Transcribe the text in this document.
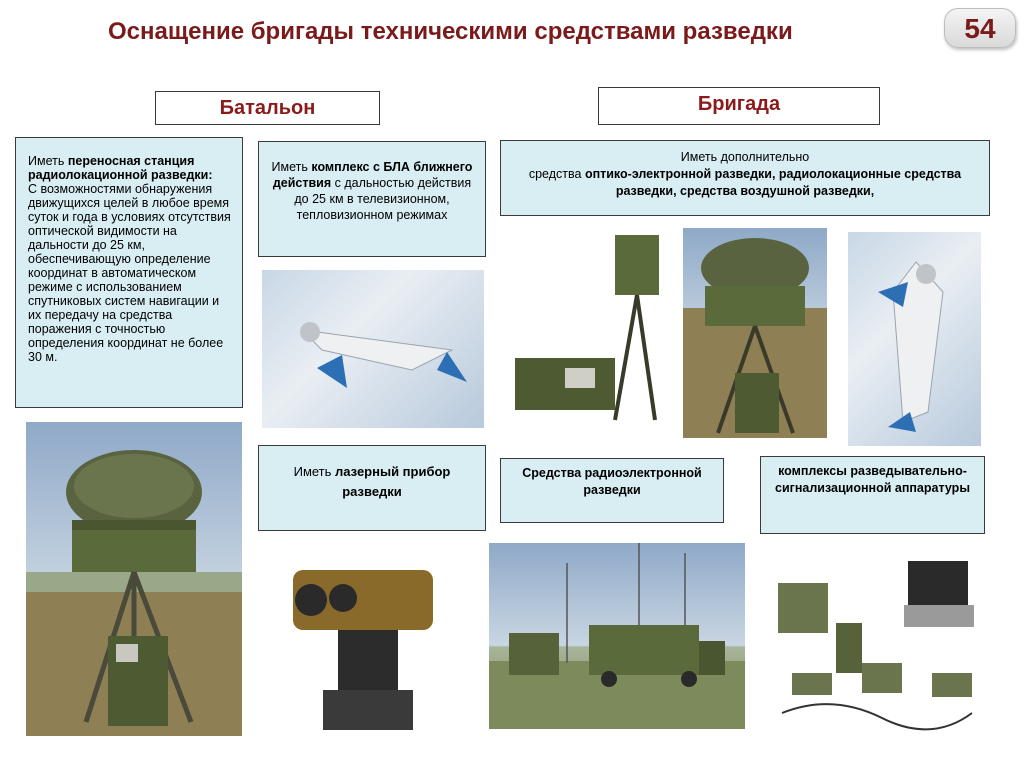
Оснащение бригады техническими средствами разведки	54
Батальон	Бригада
Иметь переносная станция радиолокационной разведки:
С возможностями обнаружения движущихся целей в любое время суток и года в условиях отсутствия оптической видимости на дальности до 25 км, обеспечивающую определение координат в автоматическом режиме с использованием спутниковых систем навигации и их передачу на средства поражения с точностью определения координат не более 30 м.
Иметь комплекс с БЛА ближнего действия с дальностью действия до 25 км в телевизионном, тепловизионном режимах
Иметь лазерный прибор разведки
Иметь дополнительно
средства оптико-электронной разведки, радиолокационные средства разведки, средства воздушной разведки,
Средства радиоэлектронной разведки
комплексы разведывательно-сигнализационной аппаратуры
